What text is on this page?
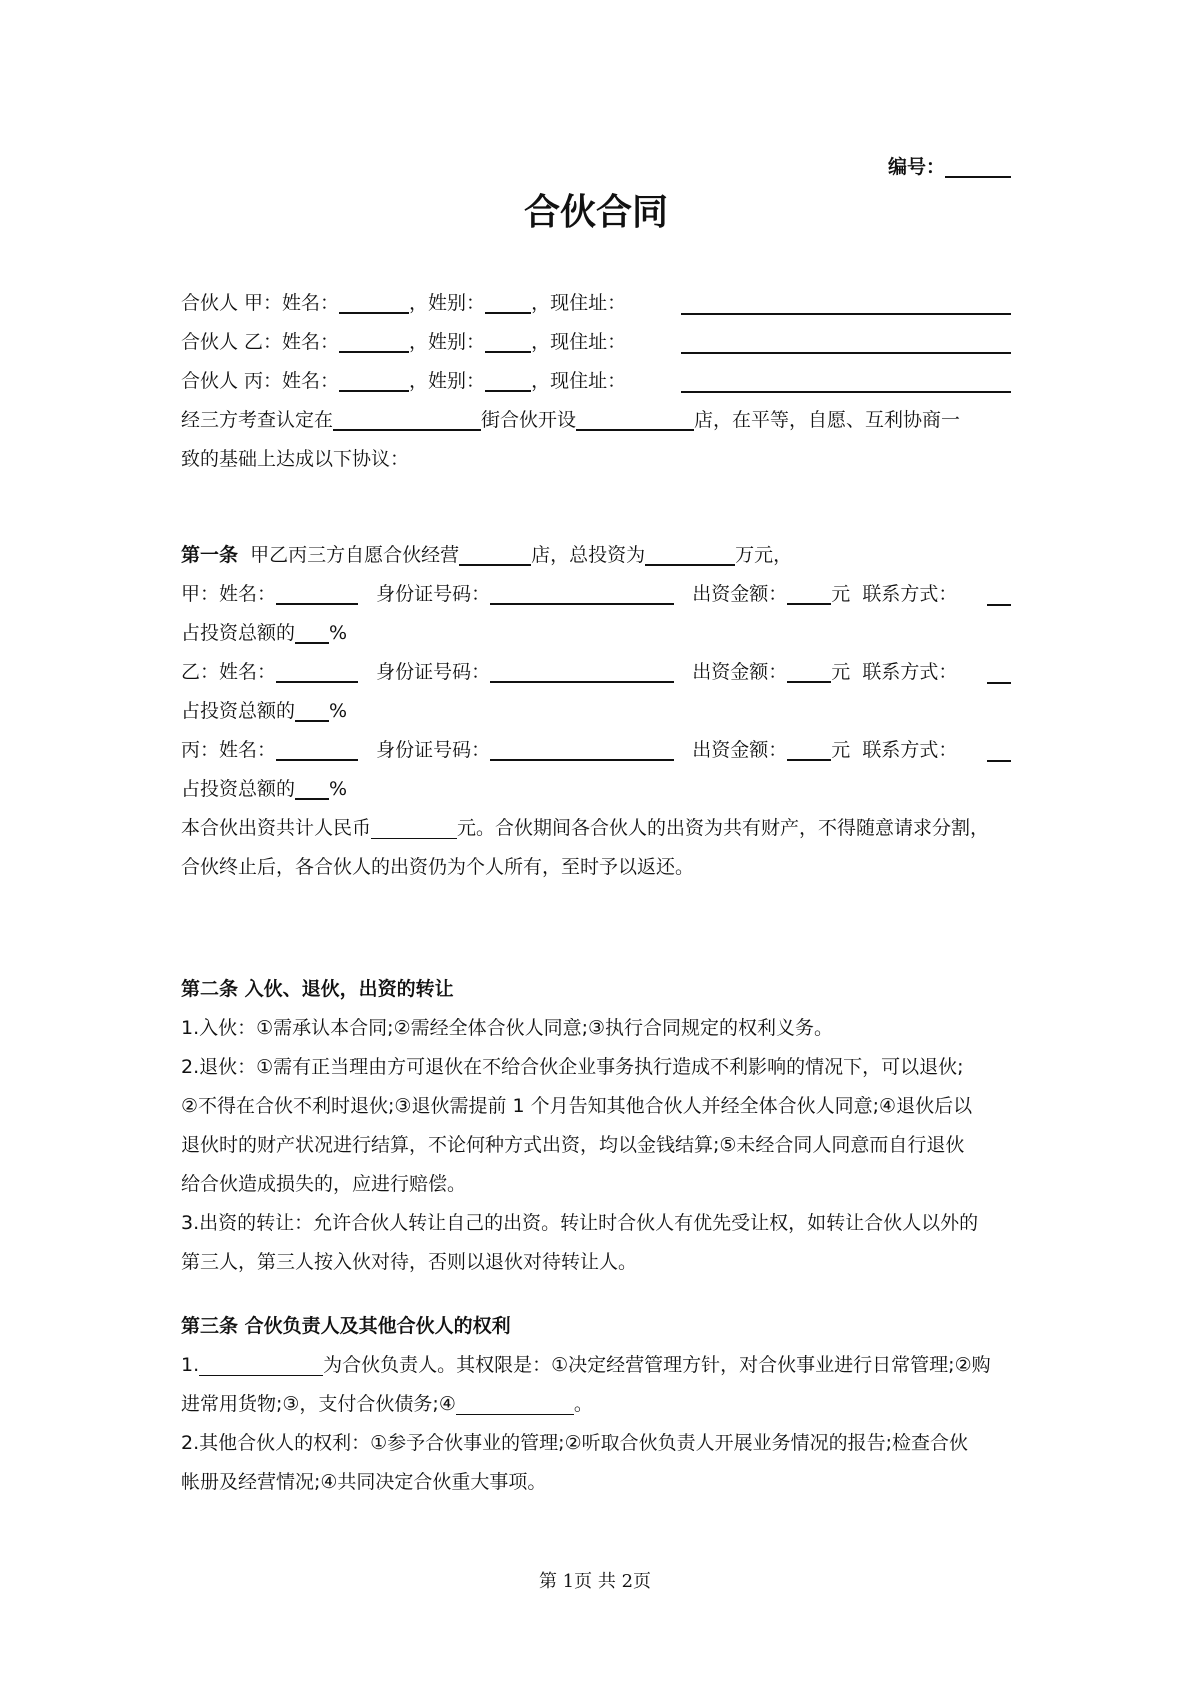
编号：
合伙合同
合伙人 甲：姓名：	，姓别： ，现住址：
合伙人 乙：姓名：	，姓别： ，现住址：
合伙人 丙：姓名：	，姓别： ，现住址：
经三方考查认定在	街合伙开设	店，在平等，自愿、互利协商一
致的基础上达成以下协议：
第一条 甲乙丙三方自愿合伙经营	店，总投资为	万元，
甲：姓名：	身份证号码：	出资金额： 元 联系方式：
占投资总额的 %
乙：姓名：	身份证号码：	出资金额： 元 联系方式：
占投资总额的 %
丙：姓名：	身份证号码：	出资金额： 元 联系方式：
占投资总额的 %
本合伙出资共计人民币	元。合伙期间各合伙人的出资为共有财产，不得随意请求分割，
合伙终止后，各合伙人的出资仍为个人所有，至时予以返还。
第二条 入伙、退伙，出资的转让
1.入伙：①需承认本合同;②需经全体合伙人同意;③执行合同规定的权利义务。
2.退伙：①需有正当理由方可退伙在不给合伙企业事务执行造成不利影响的情况下，可以退伙;
②不得在合伙不利时退伙;③退伙需提前 1 个月告知其他合伙人并经全体合伙人同意;④退伙后以
退伙时的财产状况进行结算，不论何种方式出资，均以金钱结算;⑤未经合同人同意而自行退伙
给合伙造成损失的，应进行赔偿。
3.出资的转让：允许合伙人转让自己的出资。转让时合伙人有优先受让权，如转让合伙人以外的
第三人，第三人按入伙对待，否则以退伙对待转让人。
第三条 合伙负责人及其他合伙人的权利
1.	为合伙负责人。其权限是：①决定经营管理方针，对合伙事业进行日常管理;②购
进常用货物;③，支付合伙债务;④	。
2.其他合伙人的权利：①参予合伙事业的管理;②听取合伙负责人开展业务情况的报告;检查合伙
帐册及经营情况;④共同决定合伙重大事项。
第 1页 共 2页
